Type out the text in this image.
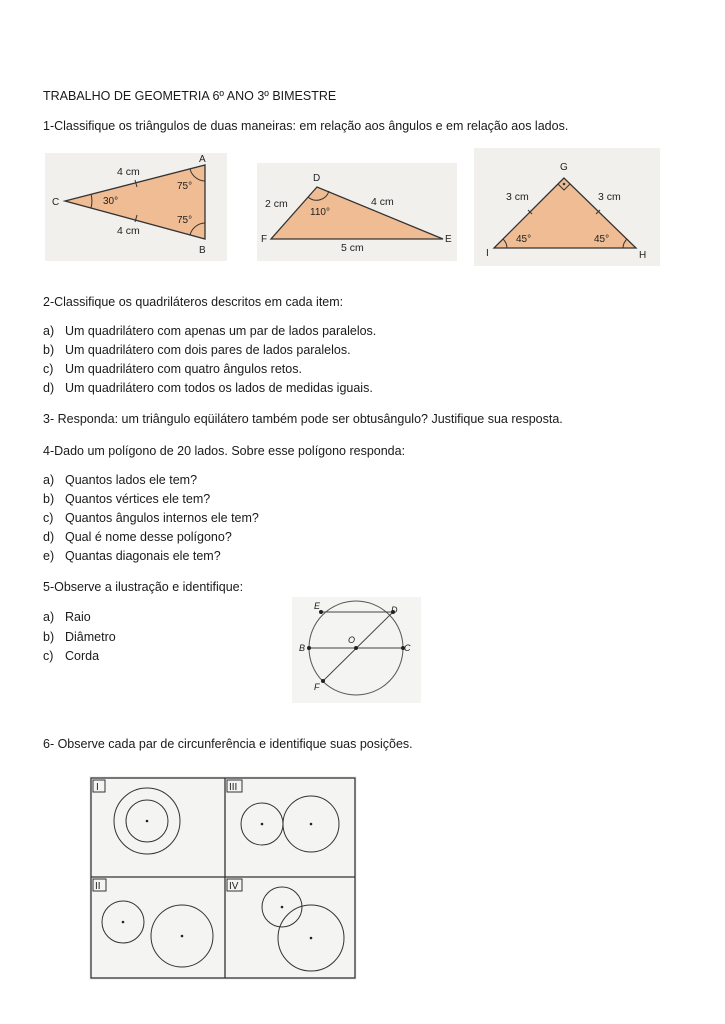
TRABALHO DE GEOMETRIA 6º ANO 3º BIMESTRE
1-Classifique os triângulos de duas maneiras: em relação aos ângulos e em relação aos lados.
4 cm
4 cm
30°
75°
75°
A
B
C	2 cm	4 cm
5 cm
110°
D
E
F
3 cm	3 cm
45°	45°
G
H
I
2-Classifique os quadriláteros descritos em cada item:
a) Um quadrilátero com apenas um par de lados paralelos.
b) Um quadrilátero com dois pares de lados paralelos.
c) Um quadrilátero com quatro ângulos retos.
d) Um quadrilátero com todos os lados de medidas iguais.
3- Responda: um triângulo eqüilátero também pode ser obtusângulo? Justifique sua resposta.
4-Dado um polígono de 20 lados. Sobre esse polígono responda:
a) Quantos lados ele tem?
b) Quantos vértices ele tem?
c) Quantos ângulos internos ele tem?
d) Qual é nome desse polígono?
e) Quantas diagonais ele tem?
5-Observe a ilustração e identifique:
a) Raio
b) Diâmetro
c) Corda
E	D
B
O
C
F
6- Observe cada par de circunferência e identifique suas posições.
I	III
II	IV
